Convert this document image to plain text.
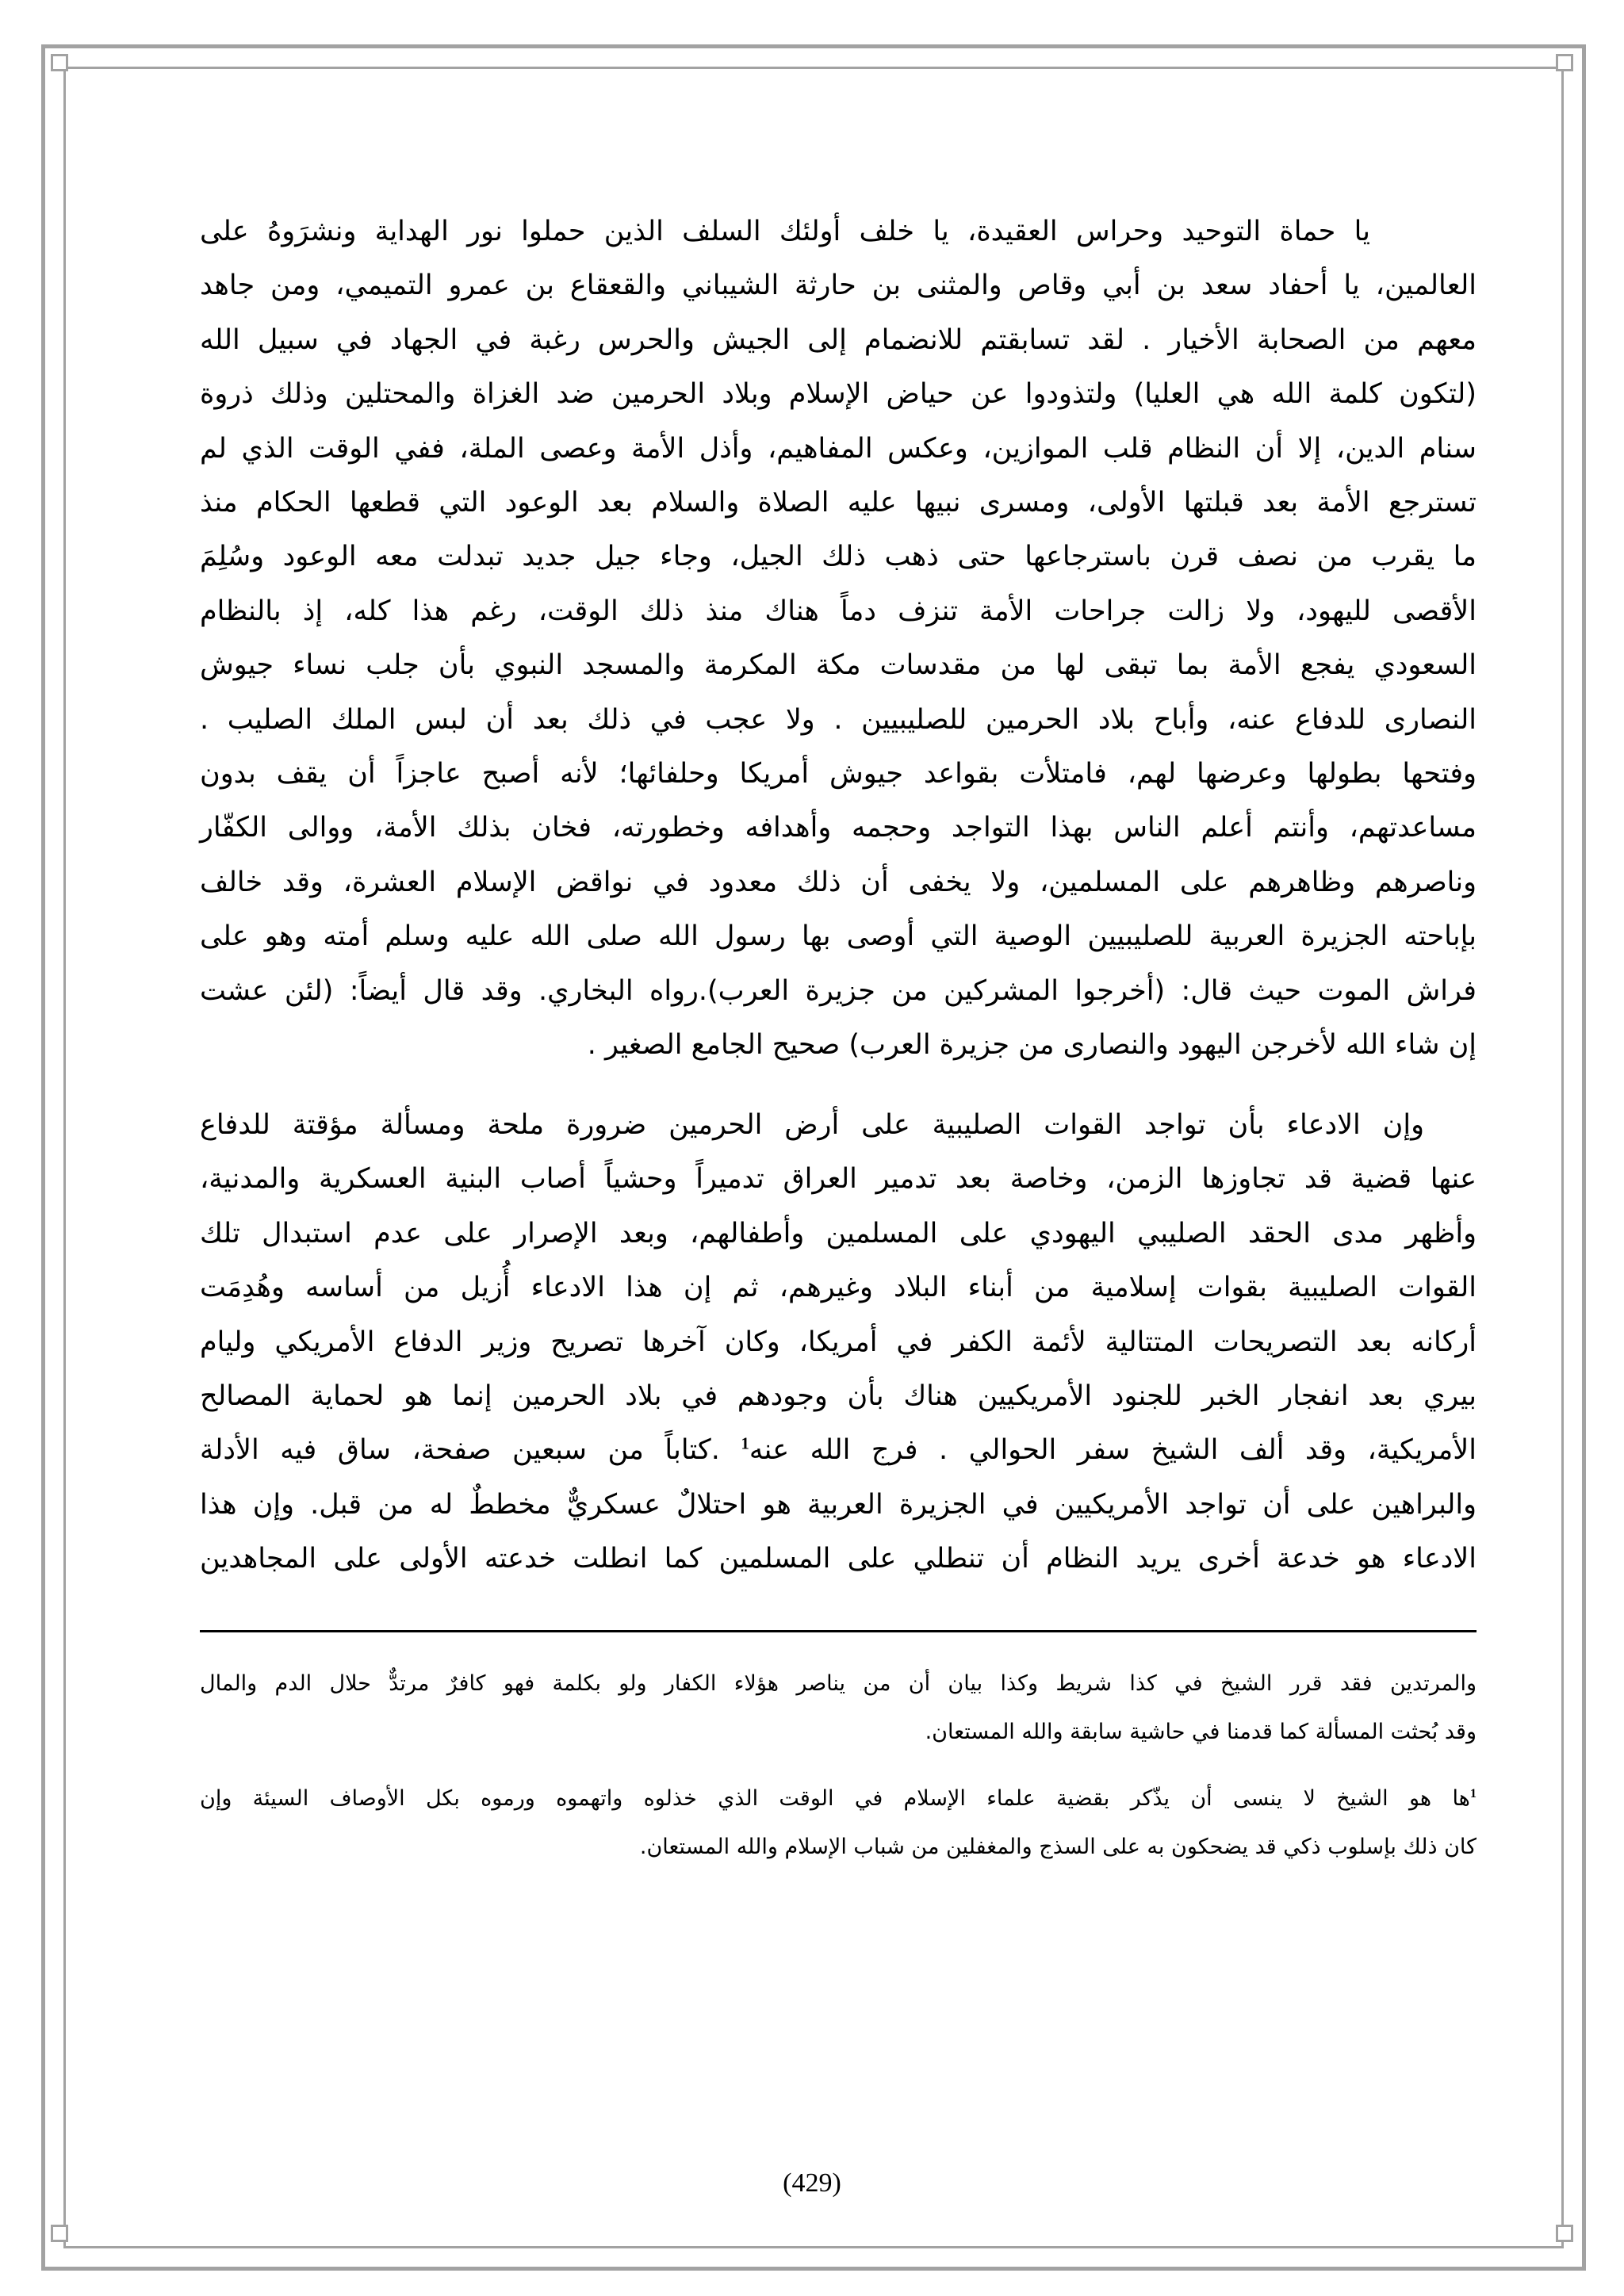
يا حماة التوحيد وحراس العقيدة، يا خلف أولئك السلف الذين حملوا نور الهداية ونشرَوهُ على
العالمين، يا أحفاد سعد بن أبي وقاص والمثنى بن حارثة الشيباني والقعقاع بن عمرو التميمي، ومن جاهد
معهم من الصحابة الأخيار . لقد تسابقتم للانضمام إلى الجيش والحرس رغبة في الجهاد في سبيل الله
(لتكون كلمة الله هي العليا) ولتذودوا عن حياض الإسلام وبلاد الحرمين ضد الغزاة والمحتلين وذلك ذروة
سنام الدين، إلا أن النظام قلب الموازين، وعكس المفاهيم، وأذل الأمة وعصى الملة، ففي الوقت الذي لم
تسترجع الأمة بعد قبلتها الأولى، ومسرى نبيها عليه الصلاة والسلام بعد الوعود التي قطعها الحكام منذ
ما يقرب من نصف قرن باسترجاعها حتى ذهب ذلك الجيل، وجاء جيل جديد تبدلت معه الوعود وسُلِمَ
الأقصى لليهود، ولا زالت جراحات الأمة تنزف دماً هناك منذ ذلك الوقت، رغم هذا كله، إذ بالنظام
السعودي يفجع الأمة بما تبقى لها من مقدسات مكة المكرمة والمسجد النبوي بأن جلب نساء جيوش
النصارى للدفاع عنه، وأباح بلاد الحرمين للصليبيين . ولا عجب في ذلك بعد أن لبس الملك الصليب .
وفتحها بطولها وعرضها لهم، فامتلأت بقواعد جيوش أمريكا وحلفائها؛ لأنه أصبح عاجزاً أن يقف بدون
مساعدتهم، وأنتم أعلم الناس بهذا التواجد وحجمه وأهدافه وخطورته، فخان بذلك الأمة، ووالى الكفّار
وناصرهم وظاهرهم على المسلمين، ولا يخفى أن ذلك معدود في نواقض الإسلام العشرة، وقد خالف
بإباحته الجزيرة العربية للصليبيين الوصية التي أوصى بها رسول الله صلى الله عليه وسلم أمته وهو على
فراش الموت حيث قال: (أخرجوا المشركين من جزيرة العرب).رواه البخاري. وقد قال أيضاً: (لئن عشت
إن شاء الله لأخرجن اليهود والنصارى من جزيرة العرب) صحيح الجامع الصغير .
وإن الادعاء بأن تواجد القوات الصليبية على أرض الحرمين ضرورة ملحة ومسألة مؤقتة للدفاع
عنها قضية قد تجاوزها الزمن، وخاصة بعد تدمير العراق تدميراً وحشياً أصاب البنية العسكرية والمدنية،
وأظهر مدى الحقد الصليبي اليهودي على المسلمين وأطفالهم، وبعد الإصرار على عدم استبدال تلك
القوات الصليبية بقوات إسلامية من أبناء البلاد وغيرهم، ثم إن هذا الادعاء أُزيل من أساسه وهُدِمَت
أركانه بعد التصريحات المتتالية لأئمة الكفر في أمريكا، وكان آخرها تصريح وزير الدفاع الأمريكي وليام
بيري بعد انفجار الخبر للجنود الأمريكيين هناك بأن وجودهم في بلاد الحرمين إنما هو لحماية المصالح
الأمريكية، وقد ألف الشيخ سفر الحوالي . فرج الله عنه$^1$ .كتاباً من سبعين صفحة، ساق فيه الأدلة
والبراهين على أن تواجد الأمريكيين في الجزيرة العربية هو احتلالٌ عسكريٌّ مخططٌ له من قبل. وإن هذا
الادعاء هو خدعة أخرى يريد النظام أن تنطلي على المسلمين كما انطلت خدعته الأولى على المجاهدين
والمرتدين فقد قرر الشيخ في كذا شريط وكذا بيان أن من يناصر هؤلاء الكفار ولو بكلمة فهو كافرٌ مرتدٌّ حلال الدم والمال
وقد بُحثت المسألة كما قدمنا في حاشية سابقة والله المستعان.
$^1$ها هو الشيخ لا ينسى أن يذّكر بقضية علماء الإسلام في الوقت الذي خذلوه واتهموه ورموه بكل الأوصاف السيئة وإن
كان ذلك بإسلوب ذكي قد يضحكون به على السذج والمغفلين من شباب الإسلام والله المستعان.
(429)
